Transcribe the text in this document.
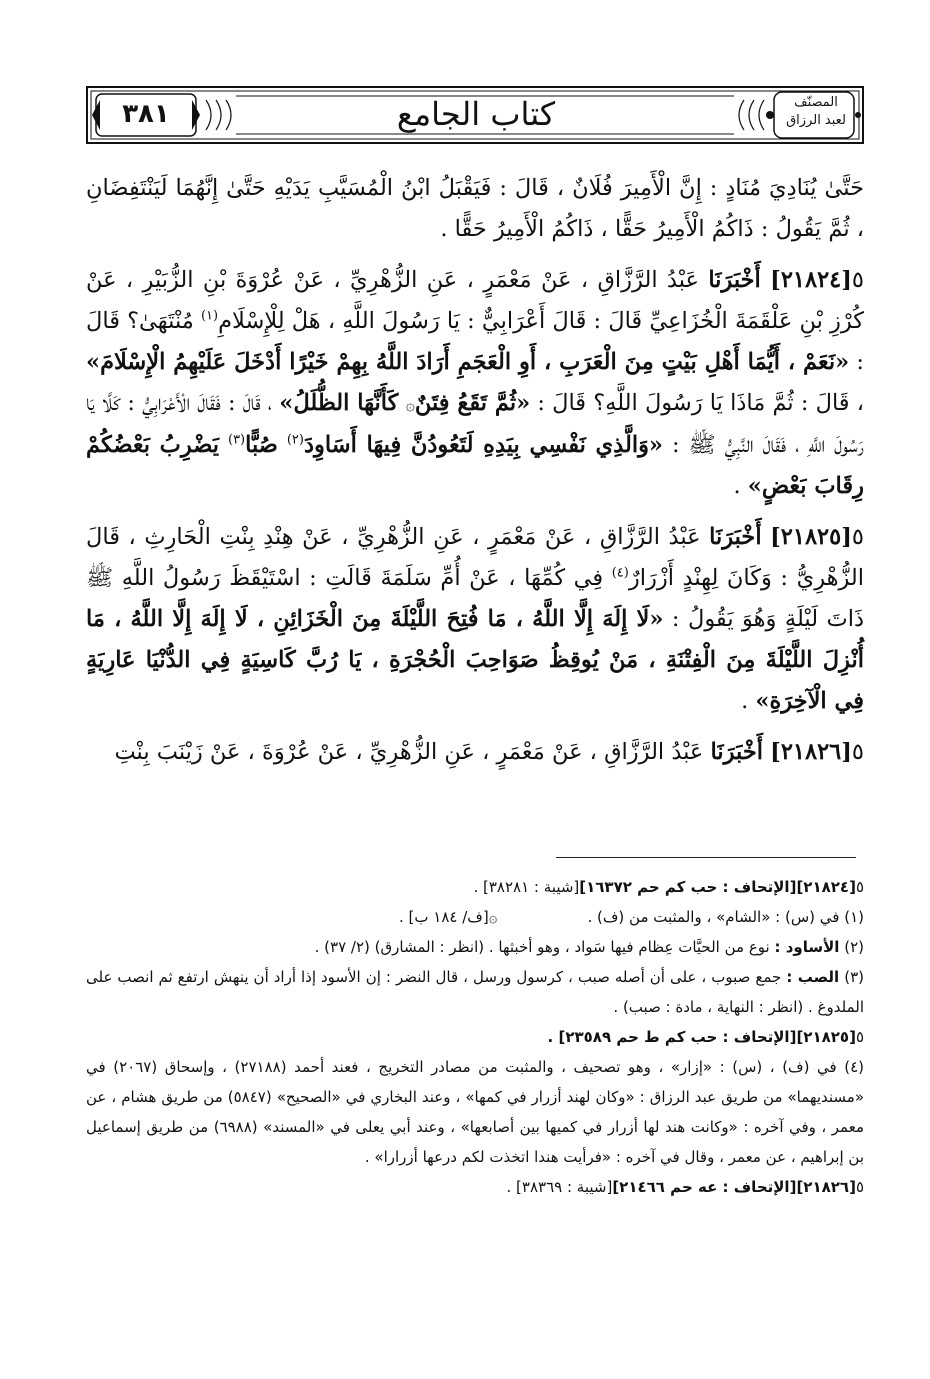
٣٨١	كتاب الجامع	المصنّف
لعبد الرزاق

حَتَّىٰ يُنَادِيَ مُنَادٍ : إِنَّ الْأَمِيرَ فُلَانٌ ، قَالَ : فَيَقْبَلُ ابْنُ الْمُسَيَّبِ يَدَيْهِ حَتَّىٰ إِنَّهُمَا لَيَنْتَفِضَانِ ، ثُمَّ يَقُولُ : ذَاكُمُ الْأَمِيرُ حَقًّا ، ذَاكُمُ الْأَمِيرُ حَقًّا .

٥[٢١٨٢٤] أَخْبَرَنَا عَبْدُ الرَّزَّاقِ ، عَنْ مَعْمَرٍ ، عَنِ الزُّهْرِيِّ ، عَنْ عُرْوَةَ بْنِ الزُّبَيْرِ ، عَنْ كُرْزِ بْنِ عَلْقَمَةَ الْخُزَاعِيِّ قَالَ : قَالَ أَعْرَابِيٌّ : يَا رَسُولَ اللَّهِ ، هَلْ لِلْإِسْلَامِ$^{(١)}$ مُنْتَهَىٰ؟ قَالَ : «نَعَمْ ، أَيُّمَا أَهْلِ بَيْتٍ مِنَ الْعَرَبِ ، أَوِ الْعَجَمِ أَرَادَ اللَّهُ بِهِمْ خَيْرًا أَدْخَلَ عَلَيْهِمُ الْإِسْلَامَ» ، قَالَ : ثُمَّ مَاذَا يَا رَسُولَ اللَّهِ؟ قَالَ : «ثُمَّ تَقَعُ فِتَنٌ۞ كَأَنَّهَا الظُّلَلُ» ، قَالَ : فَقَالَ الْأَعْرَابِيُّ : كَلَّا يَا رَسُولَ اللَّهِ ، فَقَالَ النَّبِيُّ ﷺ : «وَالَّذِي نَفْسِي بِيَدِهِ لَتَعُودُنَّ فِيهَا أَسَاوِدَ$^{(٢)}$ صُبًّا$^{(٣)}$ يَضْرِبُ بَعْضُكُمْ رِقَابَ بَعْضٍ» .

٥[٢١٨٢٥] أَخْبَرَنَا عَبْدُ الرَّزَّاقِ ، عَنْ مَعْمَرٍ ، عَنِ الزُّهْرِيِّ ، عَنْ هِنْدِ بِنْتِ الْحَارِثِ ، قَالَ الزُّهْرِيُّ : وَكَانَ لِهِنْدٍ أَزْرَارٌ$^{(٤)}$ فِي كُمِّهَا ، عَنْ أُمِّ سَلَمَةَ قَالَتِ : اسْتَيْقَظَ رَسُولُ اللَّهِ ﷺ ذَاتَ لَيْلَةٍ وَهُوَ يَقُولُ : «لَا إِلَهَ إِلَّا اللَّهُ ، مَا فُتِحَ اللَّيْلَةَ مِنَ الْخَزَائِنِ ، لَا إِلَهَ إِلَّا اللَّهُ ، مَا أُنْزِلَ اللَّيْلَةَ مِنَ الْفِتْنَةِ ، مَنْ يُوقِظُ صَوَاحِبَ الْحُجْرَةِ ، يَا رُبَّ كَاسِيَةٍ فِي الدُّنْيَا عَارِيَةٍ فِي الْآخِرَةِ» .

٥[٢١٨٢٦] أَخْبَرَنَا عَبْدُ الرَّزَّاقِ ، عَنْ مَعْمَرٍ ، عَنِ الزُّهْرِيِّ ، عَنْ عُرْوَةَ ، عَنْ زَيْنَبَ بِنْتِ

٥[٢١٨٢٤][الإتحاف : حب كم حم ١٦٣٧٢][شيبة : ٣٨٢٨١] .

(١) في (س) : «الشام» ، والمثبت من (ف) .۞[ف/ ١٨٤ ب] .

(٢) الأساود : نوع من الحيَّات عِظام فيها سَواد ، وهو أخبثها . (انظر : المشارق) (٢/ ٣٧) .

(٣) الصب : جمع صبوب ، على أن أصله صبب ، كرسول ورسل ، قال النضر : إن الأسود إذا أراد أن ينهش ارتفع ثم انصب على الملدوغ . (انظر : النهاية ، مادة : صبب) .

٥[٢١٨٢٥][الإتحاف : حب كم ط حم ٢٣٥٨٩] .

(٤) في (ف) ، (س) : «إزار» ، وهو تصحيف ، والمثبت من مصادر التخريج ، فعند أحمد (٢٧١٨٨) ، وإسحاق (٢٠٦٧) في «مسنديهما» من طريق عبد الرزاق : «وكان لهند أزرار في كمها» ، وعند البخاري في «الصحيح» (٥٨٤٧) من طريق هشام ، عن معمر ، وفي آخره : «وكانت هند لها أزرار في كميها بين أصابعها» ، وعند أبي يعلى في «المسند» (٦٩٨٨) من طريق إسماعيل بن إبراهيم ، عن معمر ، وقال في آخره : «فرأيت هندا اتخذت لكم درعها أزرارا» .

٥[٢١٨٢٦][الإتحاف : عه حم ٢١٤٦٦][شيبة : ٣٨٣٦٩] .
